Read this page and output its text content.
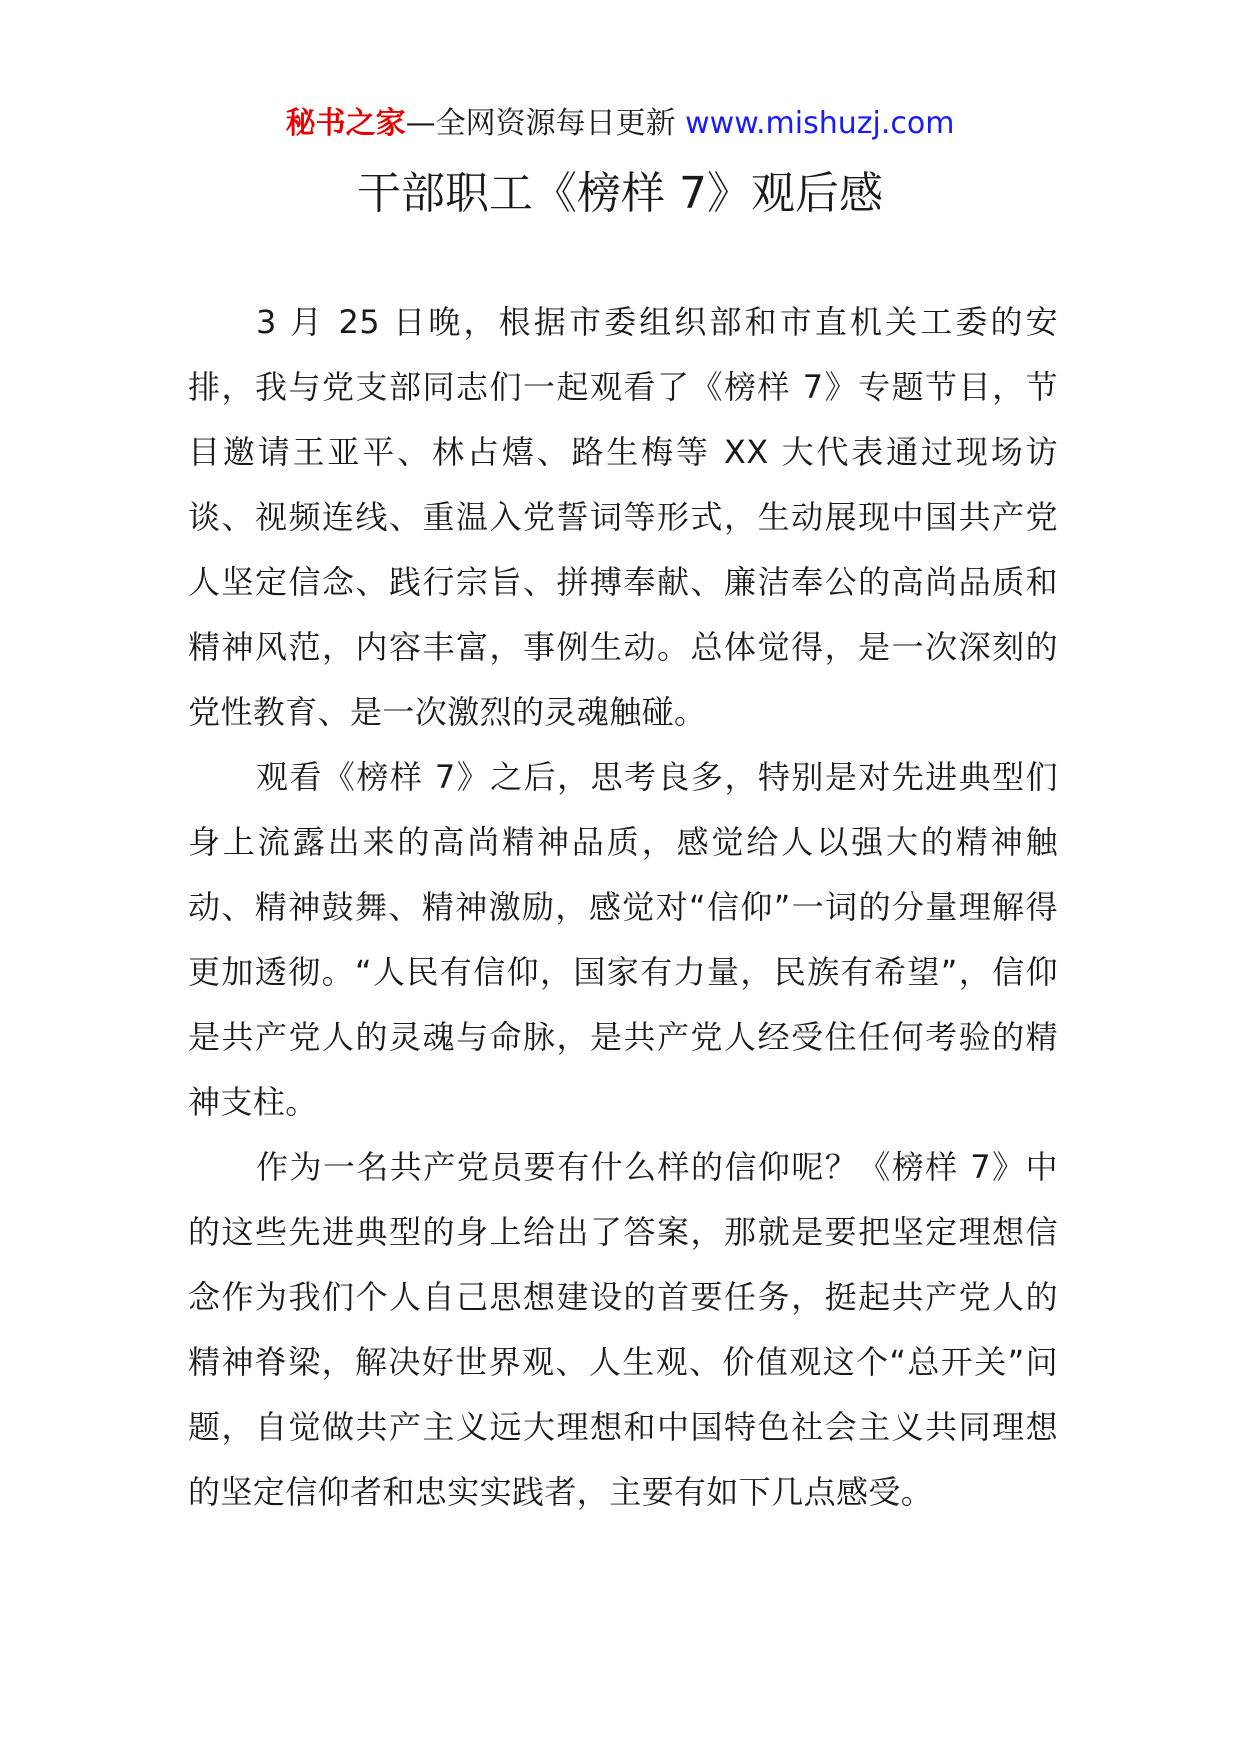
秘书之家—全网资源每日更新 www.mishuzj.com
干部职工《榜样 7》观后感

3 月 25 日晚，根据市委组织部和市直机关工委的安排，我与党支部同志们一起观看了《榜样 7》专题节目，节目邀请王亚平、林占熺、路生梅等 XX 大代表通过现场访谈、视频连线、重温入党誓词等形式，生动展现中国共产党人坚定信念、践行宗旨、拼搏奉献、廉洁奉公的高尚品质和精神风范，内容丰富，事例生动。总体觉得，是一次深刻的党性教育、是一次激烈的灵魂触碰。

观看《榜样 7》之后，思考良多，特别是对先进典型们身上流露出来的高尚精神品质，感觉给人以强大的精神触动、精神鼓舞、精神激励，感觉对“信仰”一词的分量理解得更加透彻。“人民有信仰，国家有力量，民族有希望”，信仰是共产党人的灵魂与命脉，是共产党人经受住任何考验的精神支柱。

作为一名共产党员要有什么样的信仰呢？《榜样 7》中的这些先进典型的身上给出了答案，那就是要把坚定理想信念作为我们个人自己思想建设的首要任务，挺起共产党人的精神脊梁，解决好世界观、人生观、价值观这个“总开关”问题，自觉做共产主义远大理想和中国特色社会主义共同理想的坚定信仰者和忠实实践者，主要有如下几点感受。
